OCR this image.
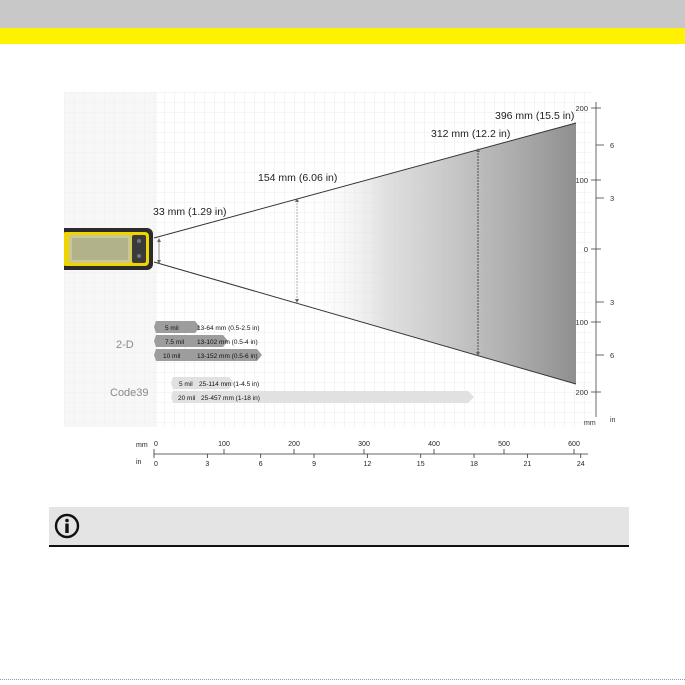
33 mm (1.29 in)
154 mm (6.06 in)
312 mm (12.2 in)
396 mm (15.5 in)
200
100
0
100
200
6
3
3
6
mm in
2-D
Code39
5 mil	13-64 mm (0.5-2.5 in)
7.5 mil 13-102 mm (0.5-4 in)
10 mil	13-152 mm (0.5-6 in)
5 mil 25-114 mm (1-4.5 in)
20 mil 25-457 mm (1-18 in)
mm
in
0	100	200	300	400	500	600
0	3	6	9	12	15	18	21	24
